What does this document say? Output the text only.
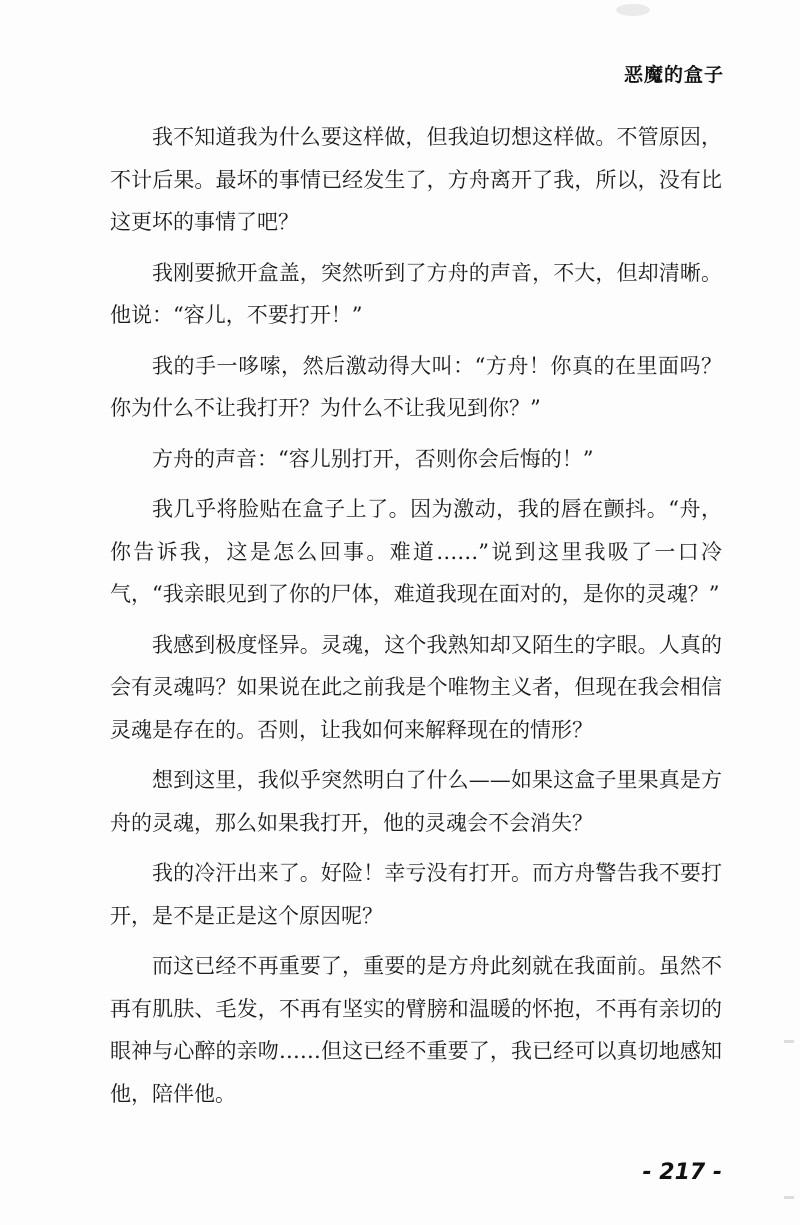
恶魔的盒子

我不知道我为什么要这样做，但我迫切想这样做。不管原因，不计后果。最坏的事情已经发生了，方舟离开了我，所以，没有比这更坏的事情了吧？

我刚要掀开盒盖，突然听到了方舟的声音，不大，但却清晰。他说：“容儿，不要打开！”

我的手一哆嗦，然后激动得大叫：“方舟！你真的在里面吗？你为什么不让我打开？为什么不让我见到你？”

方舟的声音：“容儿别打开，否则你会后悔的！”

我几乎将脸贴在盒子上了。因为激动，我的唇在颤抖。“舟，你告诉我，这是怎么回事。难道……”说到这里我吸了一口冷气，“我亲眼见到了你的尸体，难道我现在面对的，是你的灵魂？”

我感到极度怪异。灵魂，这个我熟知却又陌生的字眼。人真的会有灵魂吗？如果说在此之前我是个唯物主义者，但现在我会相信灵魂是存在的。否则，让我如何来解释现在的情形？

想到这里，我似乎突然明白了什么——如果这盒子里果真是方舟的灵魂，那么如果我打开，他的灵魂会不会消失？

我的冷汗出来了。好险！幸亏没有打开。而方舟警告我不要打开，是不是正是这个原因呢？

而这已经不再重要了，重要的是方舟此刻就在我面前。虽然不再有肌肤、毛发，不再有坚实的臂膀和温暖的怀抱，不再有亲切的眼神与心醉的亲吻……但这已经不重要了，我已经可以真切地感知他，陪伴他。

- 217 -
